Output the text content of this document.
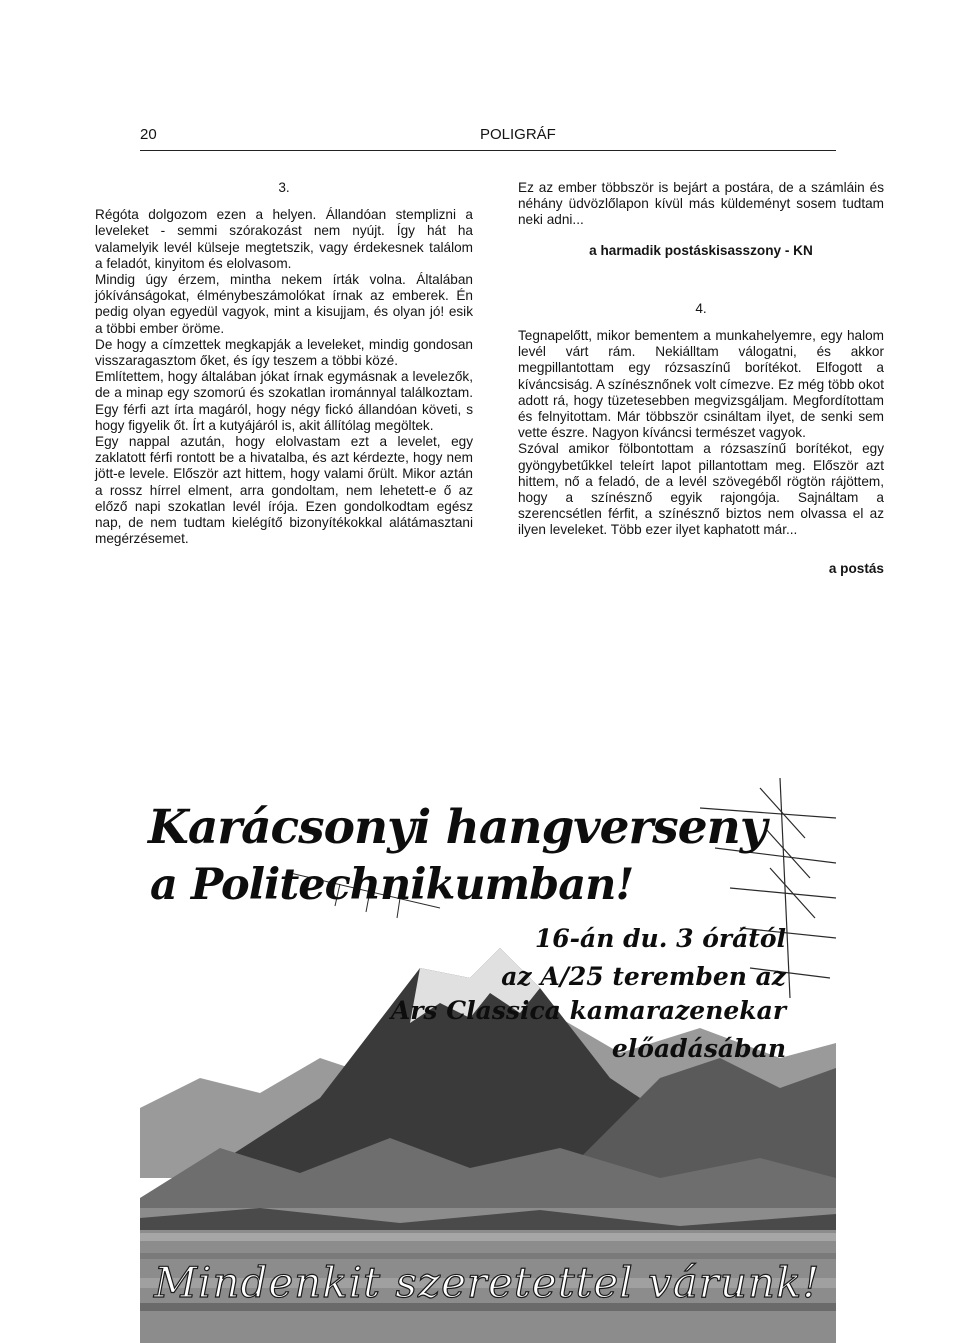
20	POLIGRÁF

3.

Régóta dolgozom ezen a helyen. Állandóan stemplizni a leveleket - semmi szórakozást nem nyújt. Így hát ha valamelyik levél külseje megtetszik, vagy érdekesnek találom a feladót, kinyitom és elolvasom.

Mindig úgy érzem, mintha nekem írták volna. Általában jókívánságokat, élménybeszámolókat írnak az emberek. Én pedig olyan egyedül vagyok, mint a kisujjam, és olyan jó! esik a többi ember öröme.

De hogy a címzettek megkapják a leveleket, mindig gondosan visszaragasztom őket, és így teszem a többi közé.

Említettem, hogy általában jókat írnak egymásnak a levelezők, de a minap egy szomorú és szokatlan irománnyal találkoztam. Egy férfi azt írta magáról, hogy négy fickó állandóan követi, s hogy figyelik őt. Írt a kutyájáról is, akit állítólag megöltek.

Egy nappal azután, hogy elolvastam ezt a levelet, egy zaklatott férfi rontott be a hivatalba, és azt kérdezte, hogy nem jött-e levele. Először azt hittem, hogy valami őrült. Mikor aztán a rossz hírrel elment, arra gondoltam, nem lehetett-e ő az előző napi szokatlan levél írója. Ezen gondolkodtam egész nap, de nem tudtam kielégítő bizonyítékokkal alátámasztani megérzésemet.

Ez az ember többször is bejárt a postára, de a számláin és néhány üdvözlőlapon kívül más küldeményt sosem tudtam neki adni...

a harmadik postáskisasszony - KN

4.

Tegnapelőtt, mikor bementem a munkahelyemre, egy halom levél várt rám. Nekiálltam válogatni, és akkor megpillantottam egy rózsaszínű borítékot. Elfogott a kíváncsiság. A színésznőnek volt címezve. Ez még több okot adott rá, hogy tüzetesebben megvizsgáljam. Megfordítottam és felnyitottam. Már többször csináltam ilyet, de senki sem vette észre. Nagyon kíváncsi természet vagyok.

Szóval amikor fölbontottam a rózsaszínű borítékot, egy gyöngybetűkkel teleírt lapot pillantottam meg. Először azt hittem, nő a feladó, de a levél szövegéből rögtön rájöttem, hogy a színésznő egyik rajongója. Sajnáltam a szerencsétlen férfit, a színésznő biztos nem olvassa el az ilyen leveleket. Több ezer ilyet kaphatott már...

a postás

Karácsonyi hangverseny
a Politechnikumban!
16-án du. 3 órától
az A/25 teremben az
Ars Classica kamarazenekar
előadásában
Mindenkit szeretettel várunk!
